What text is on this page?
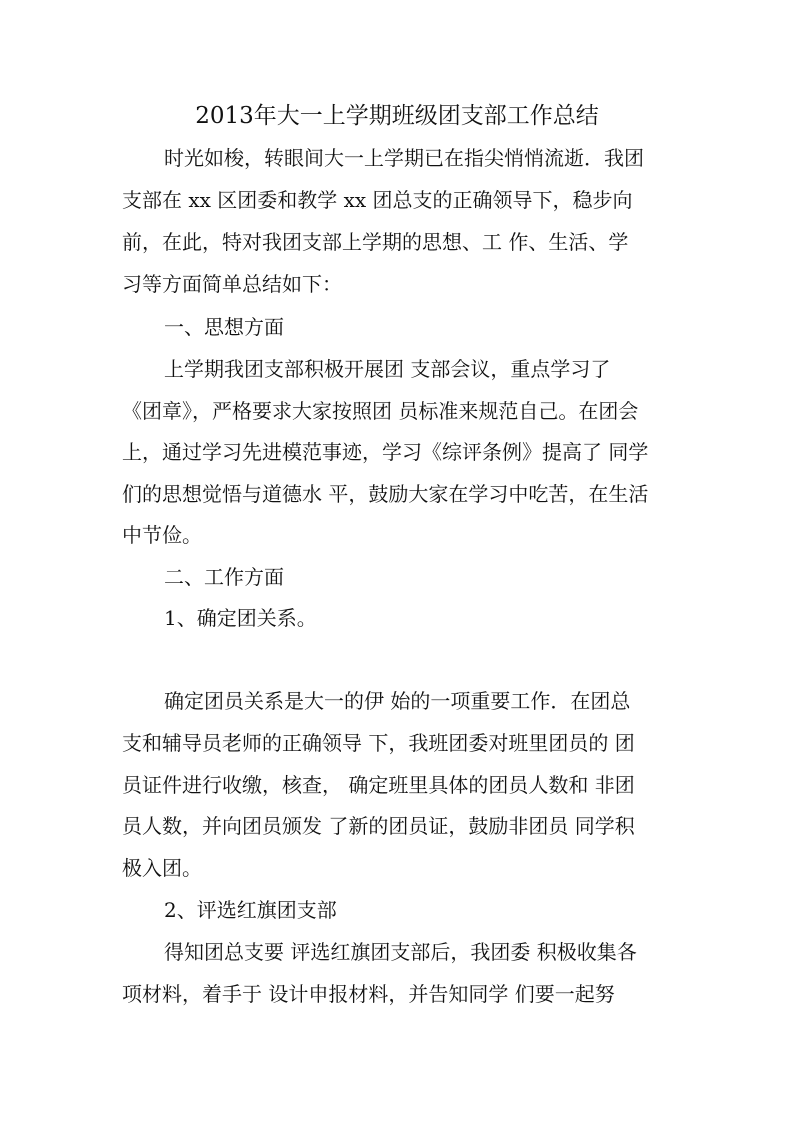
2013年大一上学期班级团支部工作总结

时光如梭，转眼间大一上学期已在指尖悄悄流逝．我团

支部在 xx 区团委和教学 xx 团总支的正确领导下，稳步向

前，在此，特对我团支部上学期的思想、工 作、生活、学

习等方面简单总结如下：

一、思想方面

上学期我团支部积极开展团 支部会议，重点学习了

《团章》，严格要求大家按照团 员标准来规范自己。在团会

上，通过学习先进模范事迹，学习《综评条例》提高了 同学

们的思想觉悟与道德水 平，鼓励大家在学习中吃苦，在生活

中节俭。

二、工作方面

1、确定团关系。

确定团员关系是大一的伊 始的一项重要工作．在团总

支和辅导员老师的正确领导 下，我班团委对班里团员的 团

员证件进行收缴，核查， 确定班里具体的团员人数和 非团

员人数，并向团员颁发 了新的团员证，鼓励非团员 同学积

极入团。

2、评选红旗团支部

得知团总支要 评选红旗团支部后，我团委 积极收集各

项材料，着手于 设计申报材料，并告知同学 们要一起努
